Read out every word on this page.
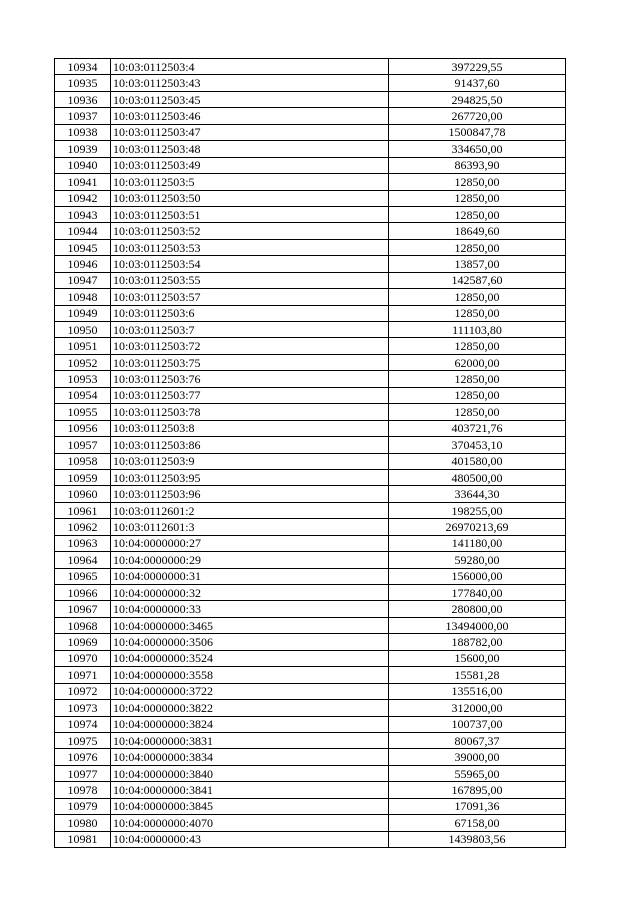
10934	10:03:0112503:4	397229,55
10935	10:03:0112503:43	91437,60
10936	10:03:0112503:45	294825,50
10937	10:03:0112503:46	267720,00
10938	10:03:0112503:47	1500847,78
10939	10:03:0112503:48	334650,00
10940	10:03:0112503:49	86393,90
10941	10:03:0112503:5	12850,00
10942	10:03:0112503:50	12850,00
10943	10:03:0112503:51	12850,00
10944	10:03:0112503:52	18649,60
10945	10:03:0112503:53	12850,00
10946	10:03:0112503:54	13857,00
10947	10:03:0112503:55	142587,60
10948	10:03:0112503:57	12850,00
10949	10:03:0112503:6	12850,00
10950	10:03:0112503:7	111103,80
10951	10:03:0112503:72	12850,00
10952	10:03:0112503:75	62000,00
10953	10:03:0112503:76	12850,00
10954	10:03:0112503:77	12850,00
10955	10:03:0112503:78	12850,00
10956	10:03:0112503:8	403721,76
10957	10:03:0112503:86	370453,10
10958	10:03:0112503:9	401580,00
10959	10:03:0112503:95	480500,00
10960	10:03:0112503:96	33644,30
10961	10:03:0112601:2	198255,00
10962	10:03:0112601:3	26970213,69
10963	10:04:0000000:27	141180,00
10964	10:04:0000000:29	59280,00
10965	10:04:0000000:31	156000,00
10966	10:04:0000000:32	177840,00
10967	10:04:0000000:33	280800,00
10968	10:04:0000000:3465	13494000,00
10969	10:04:0000000:3506	188782,00
10970	10:04:0000000:3524	15600,00
10971	10:04:0000000:3558	15581,28
10972	10:04:0000000:3722	135516,00
10973	10:04:0000000:3822	312000,00
10974	10:04:0000000:3824	100737,00
10975	10:04:0000000:3831	80067,37
10976	10:04:0000000:3834	39000,00
10977	10:04:0000000:3840	55965,00
10978	10:04:0000000:3841	167895,00
10979	10:04:0000000:3845	17091,36
10980	10:04:0000000:4070	67158,00
10981	10:04:0000000:43	1439803,56
